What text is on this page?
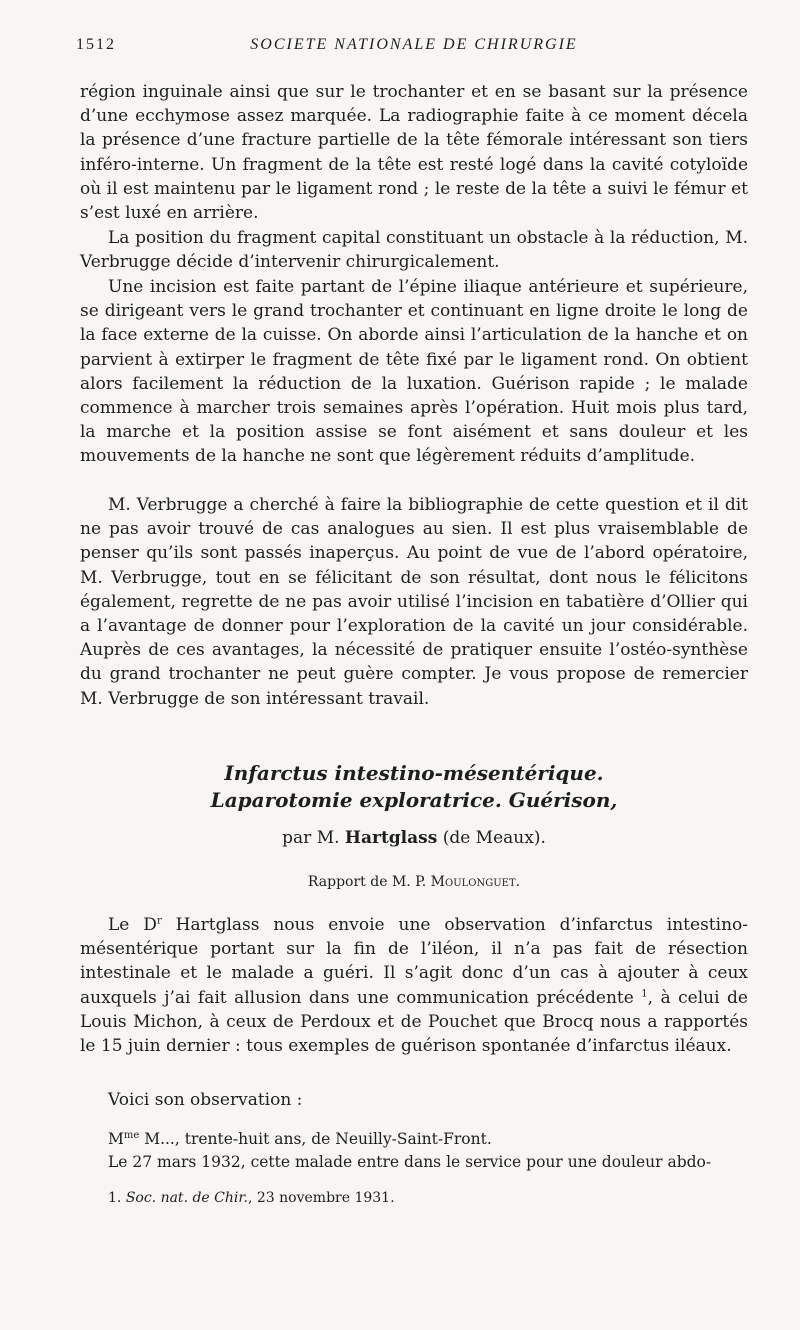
1512	SOCIETE NATIONALE DE CHIRURGIE

région inguinale ainsi que sur le trochanter et en se basant sur la présence d’une ecchymose assez marquée. La radiographie faite à ce moment décela la présence d’une fracture partielle de la tête fémorale intéressant son tiers inféro-interne. Un fragment de la tête est resté logé dans la cavité cotyloïde où il est maintenu par le ligament rond ; le reste de la tête a suivi le fémur et s’est luxé en arrière.

La position du fragment capital constituant un obstacle à la réduction, M. Verbrugge décide d’intervenir chirurgicalement.

Une incision est faite partant de l’épine iliaque antérieure et supérieure, se dirigeant vers le grand trochanter et continuant en ligne droite le long de la face externe de la cuisse. On aborde ainsi l’articulation de la hanche et on parvient à extirper le fragment de tête fixé par le ligament rond. On obtient alors facilement la réduction de la luxation. Guérison rapide ; le malade commence à marcher trois semaines après l’opération. Huit mois plus tard, la marche et la position assise se font aisément et sans douleur et les mouvements de la hanche ne sont que légèrement réduits d’amplitude.

M. Verbrugge a cherché à faire la bibliographie de cette question et il dit ne pas avoir trouvé de cas analogues au sien. Il est plus vraisemblable de penser qu’ils sont passés inaperçus. Au point de vue de l’abord opératoire, M. Verbrugge, tout en se félicitant de son résultat, dont nous le félicitons également, regrette de ne pas avoir utilisé l’incision en tabatière d’Ollier qui a l’avantage de donner pour l’exploration de la cavité un jour considérable. Auprès de ces avantages, la nécessité de pratiquer ensuite l’ostéo-synthèse du grand trochanter ne peut guère compter. Je vous propose de remercier M. Verbrugge de son intéressant travail.

Infarctus intestino-mésentérique.
Laparotomie exploratrice. Guérison,

par M. Hartglass (de Meaux).

Rapport de M. P. Moulonguet.

Le $D^r$ Hartglass nous envoie une observation d’infarctus intestino-mésentérique portant sur la fin de l’iléon, il n’a pas fait de résection intestinale et le malade a guéri. Il s’agit donc d’un cas à ajouter à ceux auxquels j’ai fait allusion dans une communication précédente $^1$, à celui de Louis Michon, à ceux de Perdoux et de Pouchet que Brocq nous a rapportés le 15 juin dernier : tous exemples de guérison spontanée d’infarctus iléaux.

Voici son observation :

$M^{me}$ M..., trente-huit ans, de Neuilly-Saint-Front.

Le 27 mars 1932, cette malade entre dans le service pour une douleur abdo-

1. Soc. nat. de Chir., 23 novembre 1931.
